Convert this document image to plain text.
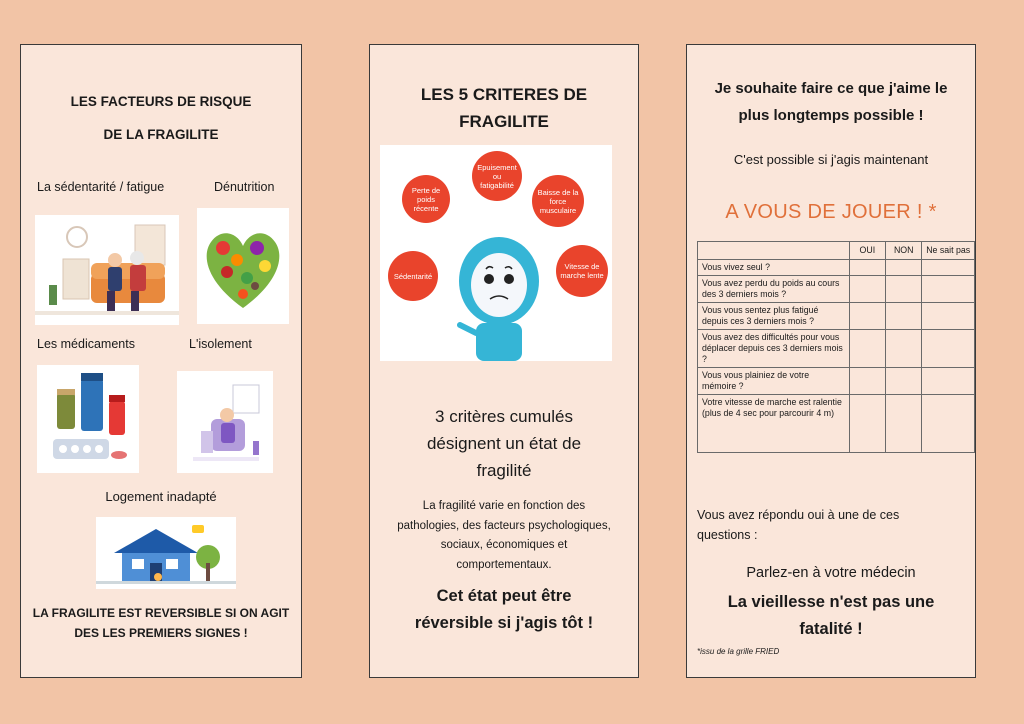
LES FACTEURS DE RISQUE
DE LA FRAGILITE
La sédentarité / fatigue	Dénutrition
Les médicaments	L'isolement
Logement inadapté
LA FRAGILITE EST REVERSIBLE SI ON AGIT
DES LES PREMIERS SIGNES !
LES 5 CRITERES DE
FRAGILITE
Perte de poids récente
Epuisement ou fatigabilité
Baisse de la force musculaire
Sédentarité
Vitesse de marche lente
3 critères cumulés
désignent un état de
fragilité
La fragilité varie en fonction des
pathologies, des facteurs psychologiques,
sociaux, économiques et
comportementaux.
Cet état peut être
réversible si j'agis tôt !
Je souhaite faire ce que j'aime le
plus longtemps possible !
C'est possible si j'agis maintenant
A VOUS DE JOUER ! *
	OUI	NON	Ne sait pas
Vous vivez seul ?			
Vous avez perdu du poids au cours des 3 derniers mois ?			
Vous vous sentez plus fatigué depuis ces 3 derniers mois ?			
Vous avez des difficultés pour vous déplacer depuis ces 3 derniers mois ?			
Vous vous plainiez de votre mémoire ?			
Votre vitesse de marche est ralentie (plus de 4 sec pour parcourir 4 m)			
Vous avez répondu oui à une de ces
questions :
Parlez-en à votre médecin
La vieillesse n'est pas une
fatalité !
*issu de la grille FRIED
